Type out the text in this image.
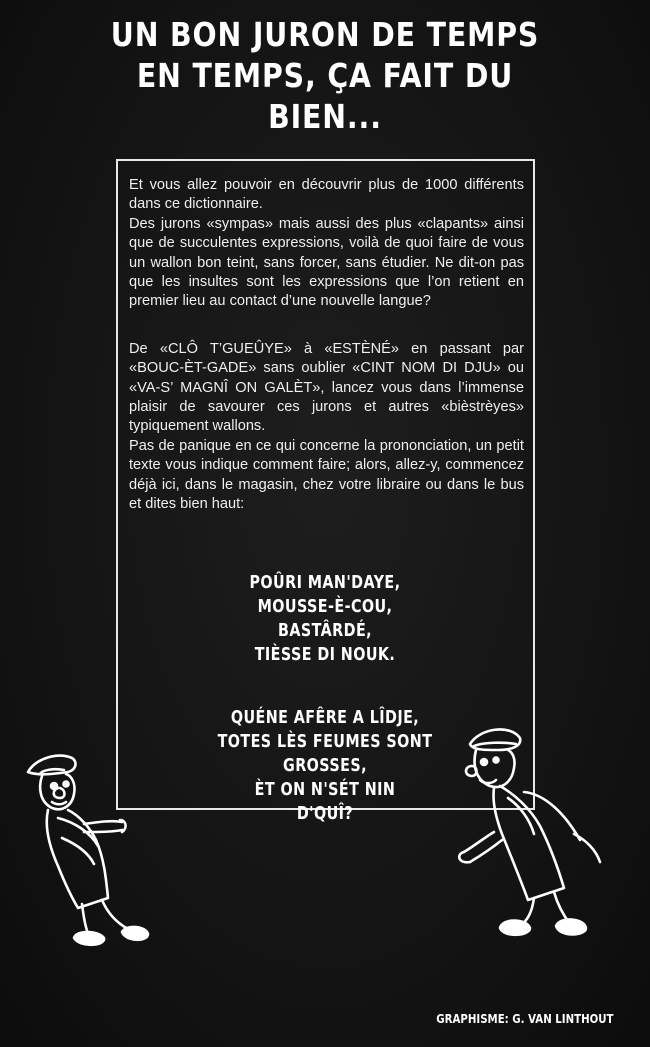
UN BON JURON DE TEMPS
EN TEMPS, ÇA FAIT DU
BIEN...

Et vous allez pouvoir en découvrir plus de 1000 différents dans ce dictionnaire.

Des jurons «sympas» mais aussi des plus «clapants» ainsi que de succulentes expressions, voilà de quoi faire de vous un wallon bon teint, sans forcer, sans étudier. Ne dit-on pas que les insultes sont les expressions que l’on retient en premier lieu au contact d’une nouvelle langue?

De «CLÔ T’GUEÛYE» à «ESTÈNÉ» en passant par «BOUC-ÈT-GADE» sans oublier «CINT NOM DI DJU» ou «VA-S’ MAGNÎ ON GALÈT», lancez vous dans l’immense plaisir de savourer ces jurons et autres «bièstrèyes» typiquement wallons.

Pas de panique en ce qui concerne la prononciation, un petit texte vous indique comment faire; alors, allez-y, commencez déjà ici, dans le magasin, chez votre libraire ou dans le bus et dites bien haut:

POÛRI MAN'DAYE,
MOUSSE-È-COU,
BASTÂRDÉ,
TIÈSSE DI NOUK.
QUÉNE AFÊRE A LÎDJE,
TOTES LÈS FEUMES SONT
GROSSES,
ÈT ON N'SÉT NIN
D'QUÎ?
GRAPHISME: G. VAN LINTHOUT
